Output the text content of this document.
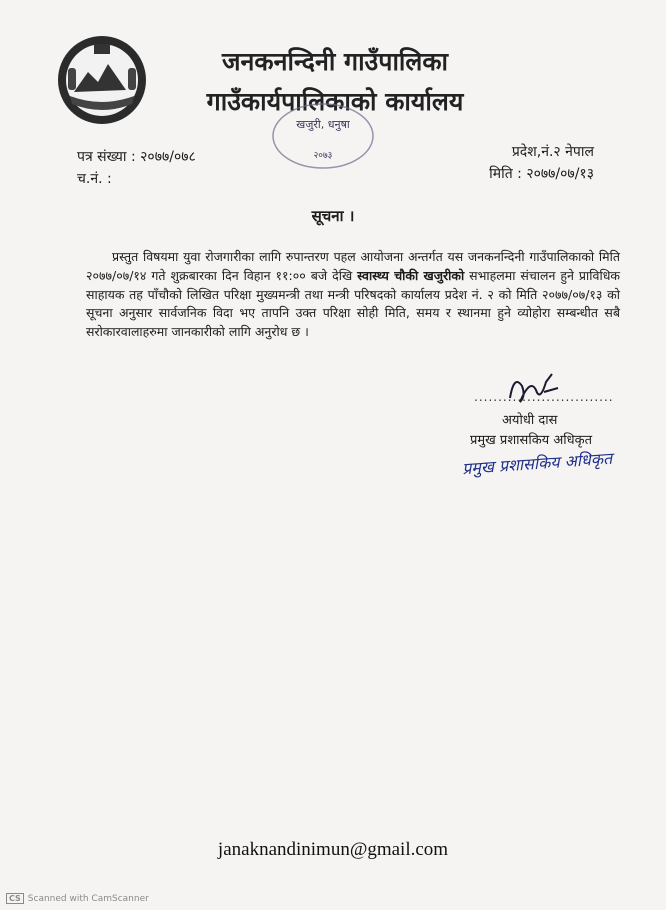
जनकनन्दिनी गाउँपालिका
गाउँकार्यपालिकाको कार्यालय
खजुरी, धनुषा
२०७३
पत्र संख्या : २०७७/०७८
च.नं. :
प्रदेश,नं.२ नेपाल
मिति : २०७७/०७/१३
सूचना ।
प्रस्तुत विषयमा युवा रोजगारीका लागि रुपान्तरण पहल आयोजना अन्तर्गत यस जनकनन्दिनी गाउँपालिकाको मिति २०७७/०७/१४ गते शुक्रबारका दिन विहान ११:०० बजे देखि स्वास्थ्य चौकी खजुरीको सभाहलमा संचालन हुने प्राविधिक साहायक तह पाँचौको लिखित परिक्षा मुख्यमन्त्री तथा मन्त्री परिषदको कार्यालय प्रदेश नं. २ को मिति २०७७/०७/१३ को सूचना अनुसार सार्वजनिक विदा भए तापनि उक्त परिक्षा सोही मिति, समय र स्थानमा हुने व्योहोरा सम्बन्धीत सबै सरोकारवालाहरुमा जानकारीको लागि अनुरोध छ ।
.............................
अयोधी दास
प्रमुख प्रशासकिय अधिकृत
प्रमुख प्रशासकिय अधिकृत
janaknandinimun@gmail.com
CS Scanned with CamScanner
